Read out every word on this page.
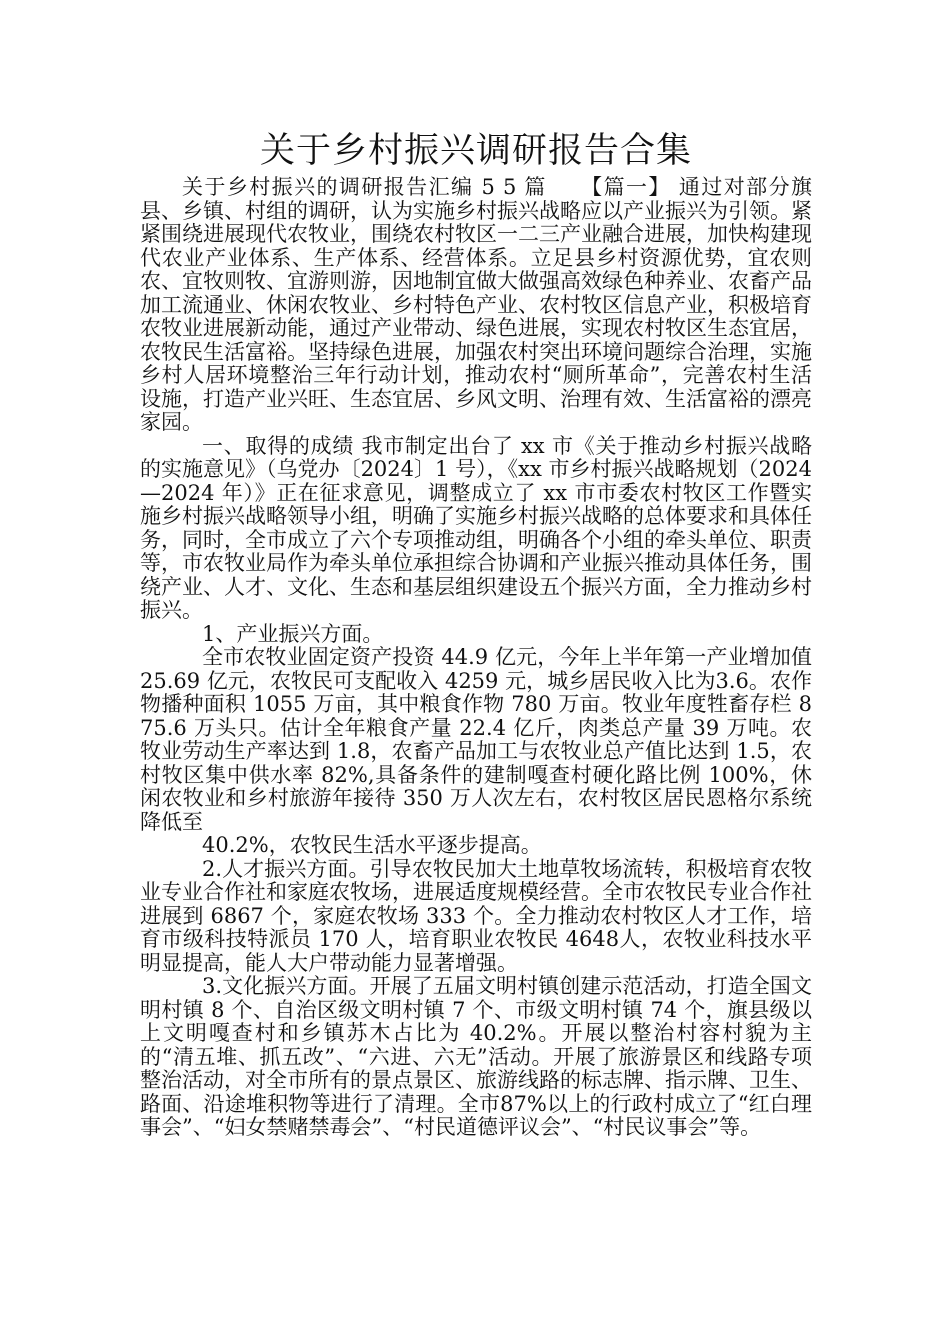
关于乡村振兴调研报告合集

关于乡村振兴的调研报告汇编 5 5 篇　　【篇一】 通过对部分旗县、乡镇、村组的调研，认为实施乡村振兴战略应以产业振兴为引领。紧紧围绕进展现代农牧业，围绕农村牧区一二三产业融合进展，加快构建现代农业产业体系、生产体系、经营体系。立足县乡村资源优势，宜农则农、宜牧则牧、宜游则游，因地制宜做大做强高效绿色种养业、农畜产品加工流通业、休闲农牧业、乡村特色产业、农村牧区信息产业，积极培育农牧业进展新动能，通过产业带动、绿色进展，实现农村牧区生态宜居，农牧民生活富裕。坚持绿色进展，加强农村突出环境问题综合治理，实施乡村人居环境整治三年行动计划，推动农村“厕所革命”，完善农村生活设施，打造产业兴旺、生态宜居、乡风文明、治理有效、生活富裕的漂亮家园。

一、取得的成绩 我市制定出台了 xx 市《关于推动乡村振兴战略的实施意见》（乌党办〔2024〕1 号），《xx 市乡村振兴战略规划（2024—2024 年）》正在征求意见，调整成立了 xx 市市委农村牧区工作暨实施乡村振兴战略领导小组，明确了实施乡村振兴战略的总体要求和具体任务，同时，全市成立了六个专项推动组，明确各个小组的牵头单位、职责等，市农牧业局作为牵头单位承担综合协调和产业振兴推动具体任务，围绕产业、人才、文化、生态和基层组织建设五个振兴方面，全力推动乡村振兴。

1、产业振兴方面。

全市农牧业固定资产投资 44.9 亿元，今年上半年第一产业增加值 25.69 亿元，农牧民可支配收入 4259 元，城乡居民收入比为3.6。农作物播种面积 1055 万亩，其中粮食作物 780 万亩。牧业年度牲畜存栏 875.6 万头只。估计全年粮食产量 22.4 亿斤，肉类总产量 39 万吨。农牧业劳动生产率达到 1.8，农畜产品加工与农牧业总产值比达到 1.5，农村牧区集中供水率 82%,具备条件的建制嘎查村硬化路比例 100%，休闲农牧业和乡村旅游年接待 350 万人次左右，农村牧区居民恩格尔系统降低至

40.2%，农牧民生活水平逐步提高。

2.人才振兴方面。引导农牧民加大土地草牧场流转，积极培育农牧业专业合作社和家庭农牧场，进展适度规模经营。全市农牧民专业合作社进展到 6867 个，家庭农牧场 333 个。全力推动农村牧区人才工作，培育市级科技特派员 170 人，培育职业农牧民 4648人，农牧业科技水平明显提高，能人大户带动能力显著增强。

3.文化振兴方面。开展了五届文明村镇创建示范活动，打造全国文明村镇 8 个、自治区级文明村镇 7 个、市级文明村镇 74 个，旗县级以上文明嘎查村和乡镇苏木占比为 40.2%。开展以整治村容村貌为主的“清五堆、抓五改”、“六进、六无”活动。开展了旅游景区和线路专项整治活动，对全市所有的景点景区、旅游线路的标志牌、指示牌、卫生、路面、沿途堆积物等进行了清理。全市87%以上的行政村成立了“红白理事会”、“妇女禁赌禁毒会”、“村民道德评议会”、“村民议事会”等。
